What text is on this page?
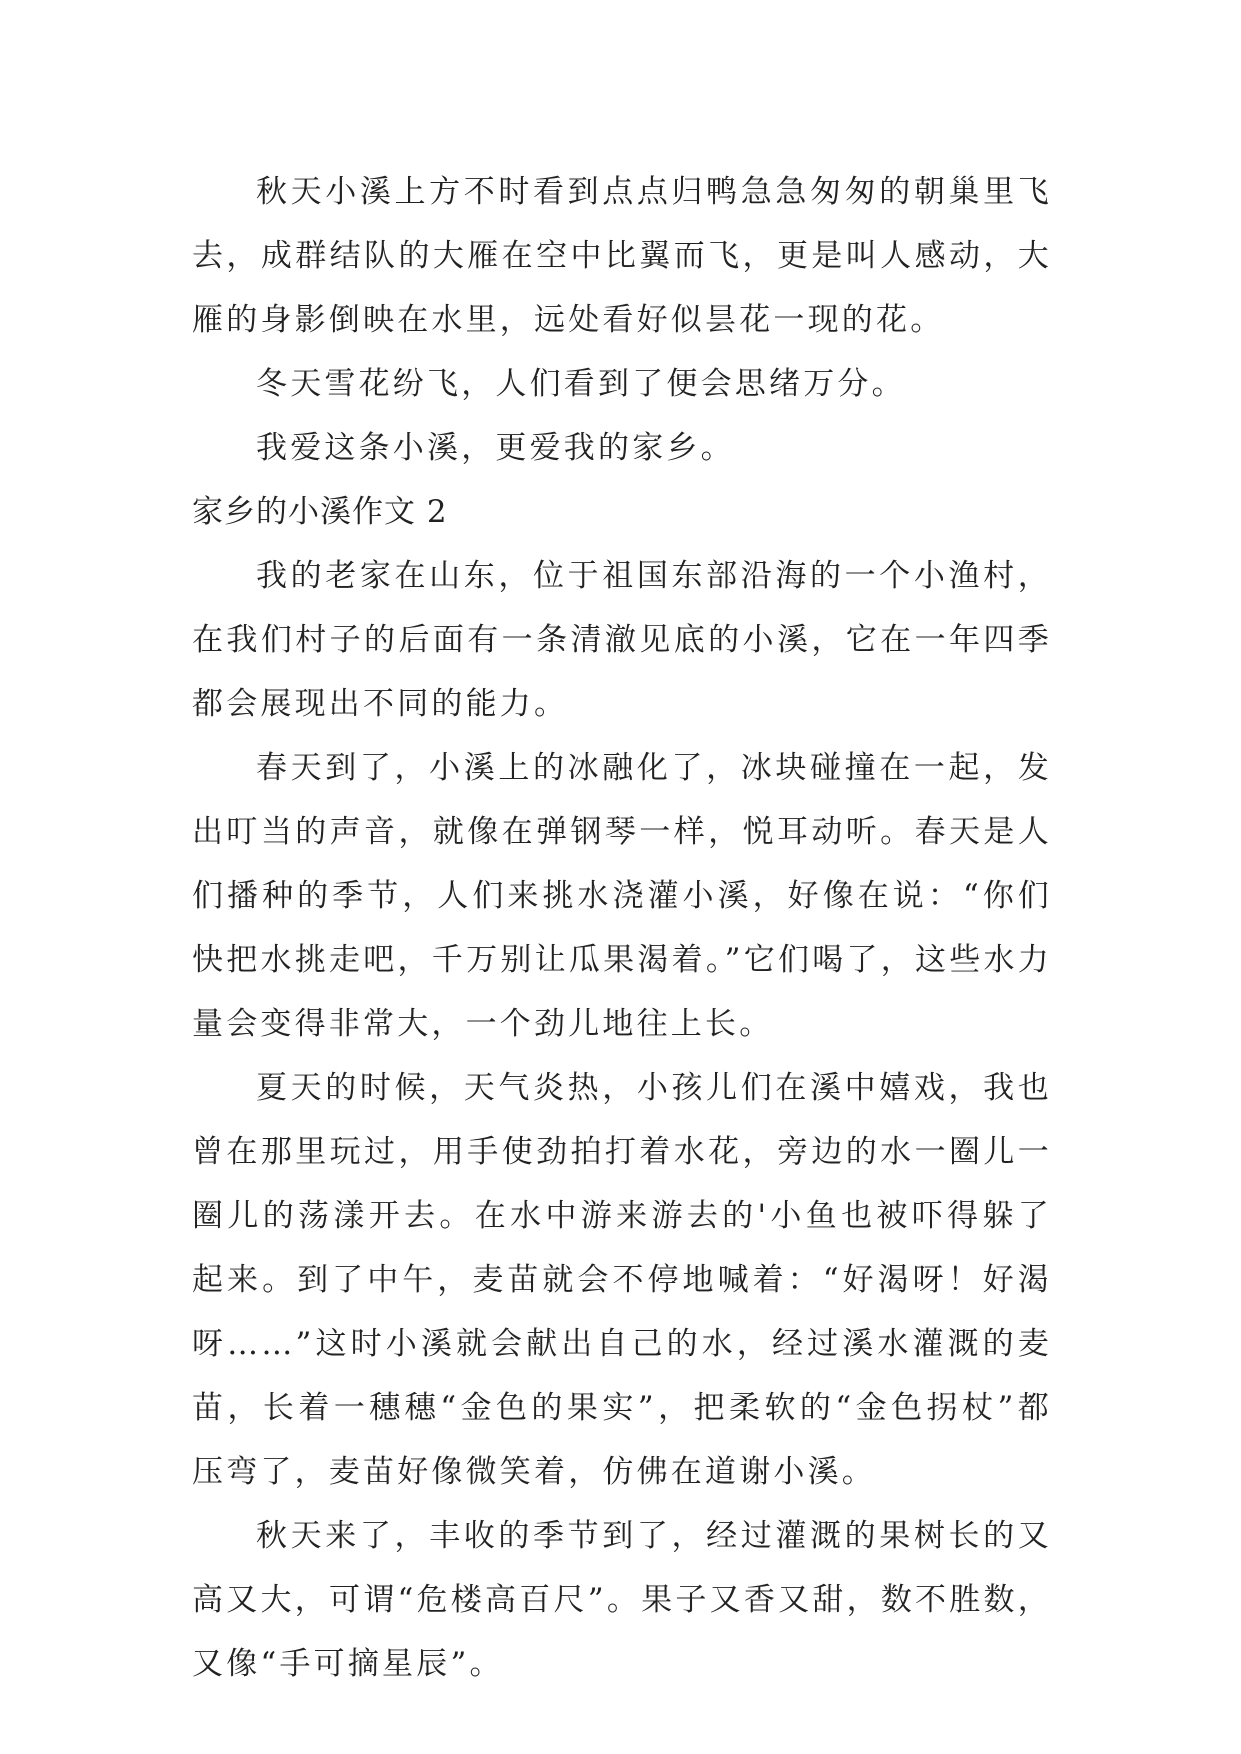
秋天小溪上方不时看到点点归鸭急急匆匆的朝巢里飞去，成群结队的大雁在空中比翼而飞，更是叫人感动，大雁的身影倒映在水里，远处看好似昙花一现的花。

冬天雪花纷飞，人们看到了便会思绪万分。

我爱这条小溪，更爱我的家乡。

家乡的小溪作文 2

我的老家在山东，位于祖国东部沿海的一个小渔村，在我们村子的后面有一条清澈见底的小溪，它在一年四季都会展现出不同的能力。

春天到了，小溪上的冰融化了，冰块碰撞在一起，发出叮当的声音，就像在弹钢琴一样，悦耳动听。春天是人们播种的季节，人们来挑水浇灌小溪，好像在说：“你们快把水挑走吧，千万别让瓜果渴着。”它们喝了，这些水力量会变得非常大，一个劲儿地往上长。

夏天的时候，天气炎热，小孩儿们在溪中嬉戏，我也曾在那里玩过，用手使劲拍打着水花，旁边的水一圈儿一圈儿的荡漾开去。在水中游来游去的'小鱼也被吓得躲了起来。到了中午，麦苗就会不停地喊着：“好渴呀！好渴呀……”这时小溪就会献出自己的水，经过溪水灌溉的麦苗，长着一穗穗“金色的果实”，把柔软的“金色拐杖”都压弯了，麦苗好像微笑着，仿佛在道谢小溪。

秋天来了，丰收的季节到了，经过灌溉的果树长的又高又大，可谓“危楼高百尺”。果子又香又甜，数不胜数，又像“手可摘星辰”。
